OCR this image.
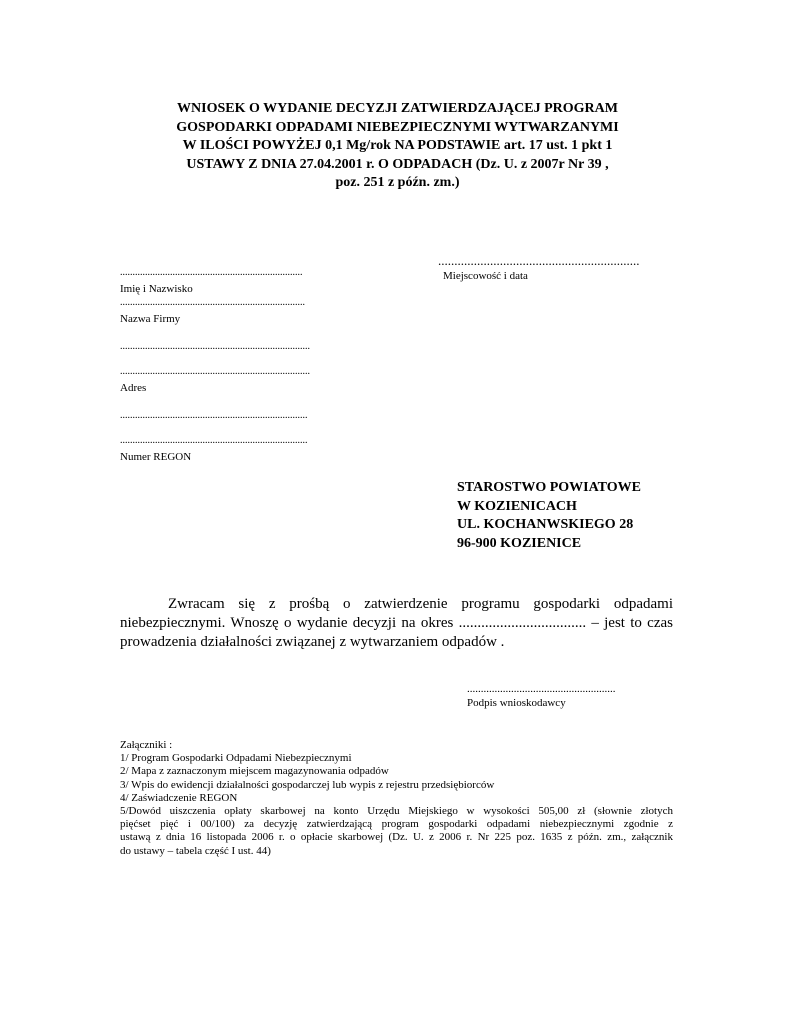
WNIOSEK O WYDANIE DECYZJI ZATWIERDZAJĄCEJ PROGRAM
GOSPODARKI ODPADAMI NIEBEZPIECZNYMI WYTWARZANYMI
W ILOŚCI POWYŻEJ 0,1 Mg/rok NA PODSTAWIE art. 17 ust. 1 pkt 1
USTAWY Z DNIA 27.04.2001 r. O ODPADACH (Dz. U. z 2007r Nr 39 ,
poz. 251 z późn. zm.)
..............................................................
Miejscowość i data
.........................................................................
Imię i Nazwisko
..........................................................................
Nazwa Firmy
............................................................................
............................................................................
Adres
...........................................................................
...........................................................................
Numer REGON
STAROSTWO POWIATOWE
W KOZIENICACH
UL. KOCHANWSKIEGO 28
96-900 KOZIENICE
Zwracam się z prośbą o zatwierdzenie programu gospodarki odpadami
niebezpiecznymi. Wnoszę o wydanie decyzji na okres .................................. – jest to czas
prowadzenia działalności związanej z wytwarzaniem odpadów .
......................................................
Podpis wnioskodawcy
Załączniki :
1/ Program Gospodarki Odpadami Niebezpiecznymi
2/ Mapa z zaznaczonym miejscem magazynowania odpadów
3/ Wpis do ewidencji działalności gospodarczej lub wypis z rejestru przedsiębiorców
4/ Zaświadczenie REGON
5/Dowód uiszczenia opłaty skarbowej na konto Urzędu Miejskiego w wysokości 505,00 zł (słownie złotych
pięćset pięć i 00/100) za decyzję zatwierdzającą program gospodarki odpadami niebezpiecznymi zgodnie z
ustawą z dnia 16 listopada 2006 r. o opłacie skarbowej (Dz. U. z 2006 r. Nr 225 poz. 1635 z późn. zm., załącznik
do ustawy – tabela część I ust. 44)
